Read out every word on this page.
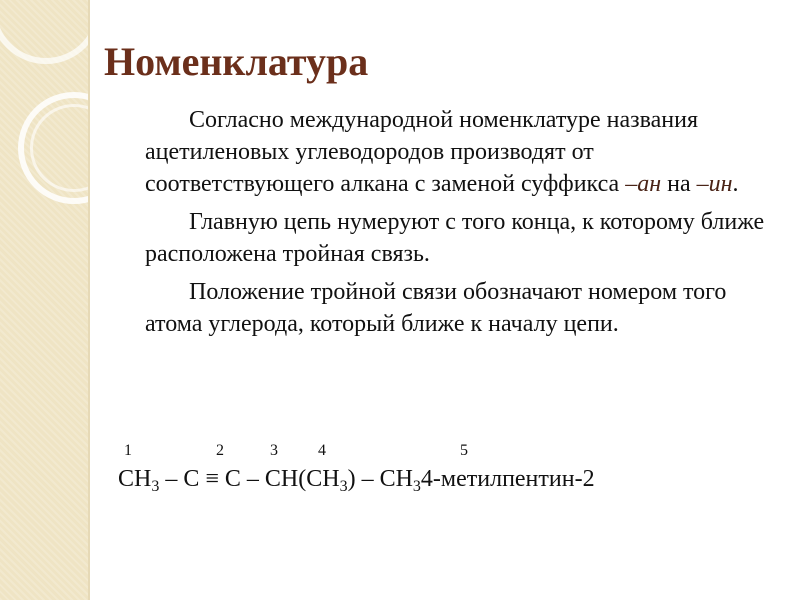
Номенклатура

Согласно международной номенклатуре названия ацетиленовых углеводородов производят от соответствующего алкана с заменой суффикса –ан на –ин.

Главную цепь нумеруют с того конца, к которому ближе расположена тройная связь.

Положение тройной связи обозначают номером того атома углерода, который ближе к началу цепи.

1	2	3	4	5
$CH_3 - C \equiv C - CH(CH_3)$ – $CH_34-метилпентин-2$
